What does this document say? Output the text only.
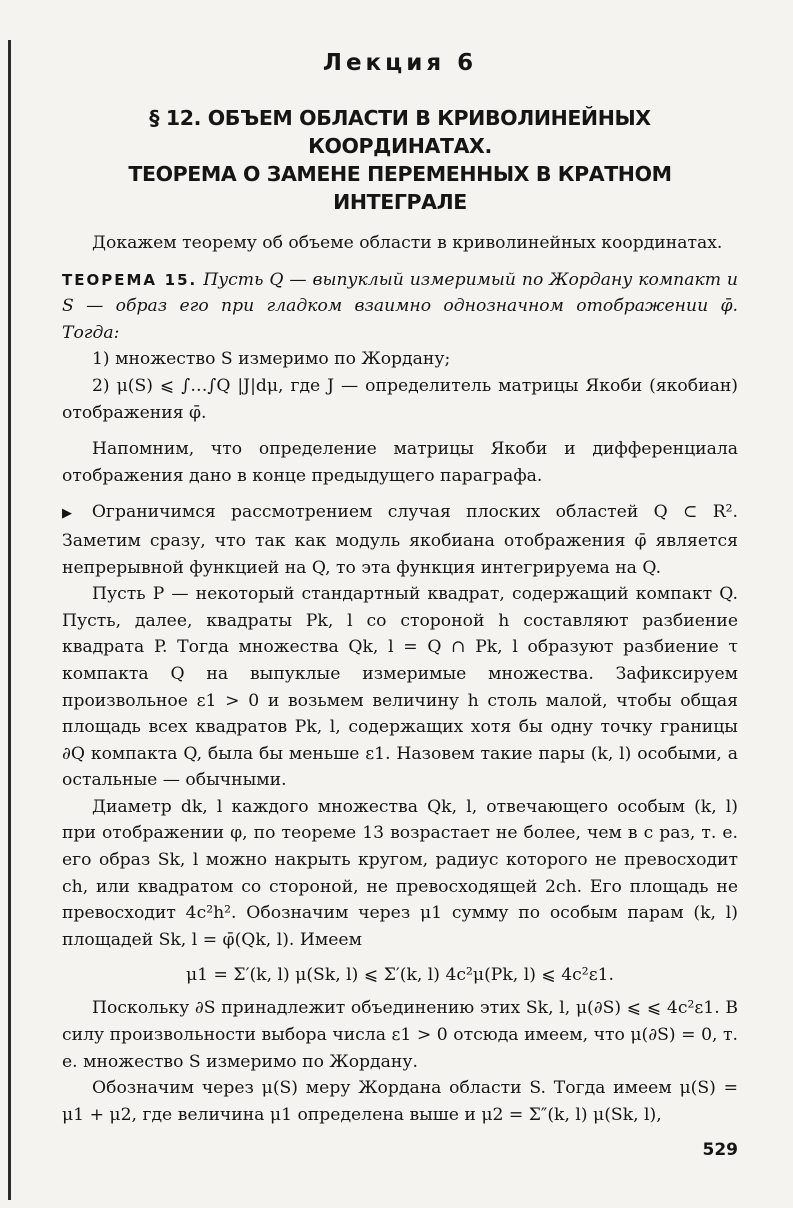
Лекция 6
§ 12. ОБЪЕМ ОБЛАСТИ В КРИВОЛИНЕЙНЫХ КООРДИНАТАХ.
ТЕОРЕМА О ЗАМЕНЕ ПЕРЕМЕННЫХ В КРАТНОМ ИНТЕГРАЛЕ

Докажем теорему об объеме области в криволинейных координатах.

ТЕОРЕМА 15. Пусть Q — выпуклый измеримый по Жордану компакт и S — образ его при гладком взаимно однозначном отображении φ̄. Тогда:

1) множество S измеримо по Жордану;

2) μ(S) ⩽ ∫…∫Q |J|dμ, где J — определитель матрицы Якоби (якобиан) отображения φ̄.

Напомним, что определение матрицы Якоби и дифференциала отображения дано в конце предыдущего параграфа.

▶ Ограничимся рассмотрением случая плоских областей Q ⊂ R². Заметим сразу, что так как модуль якобиана отображения φ̄ является непрерывной функцией на Q, то эта функция интегрируема на Q.

Пусть P — некоторый стандартный квадрат, содержащий компакт Q. Пусть, далее, квадраты Pk, l со стороной h составляют разбиение квадрата P. Тогда множества Qk, l = Q ∩ Pk, l образуют разбиение τ компакта Q на выпуклые измеримые множества. Зафиксируем произвольное ε1 > 0 и возьмем величину h столь малой, чтобы общая площадь всех квадратов Pk, l, содержащих хотя бы одну точку границы ∂Q компакта Q, была бы меньше ε1. Назовем такие пары (k, l) особыми, а остальные — обычными.

Диаметр dk, l каждого множества Qk, l, отвечающего особым (k, l) при отображении φ, по теореме 13 возрастает не более, чем в c раз, т. е. его образ Sk, l можно накрыть кругом, радиус которого не превосходит ch, или квадратом со стороной, не превосходящей 2ch. Его площадь не превосходит 4c²h². Обозначим через μ1 сумму по особым парам (k, l) площадей Sk, l = φ̄(Qk, l). Имеем

μ1 = Σ′(k, l) μ(Sk, l) ⩽ Σ′(k, l) 4c²μ(Pk, l) ⩽ 4c²ε1.

Поскольку ∂S принадлежит объединению этих Sk, l, μ(∂S) ⩽ ⩽ 4c²ε1. В силу произвольности выбора числа ε1 > 0 отсюда имеем, что μ(∂S) = 0, т. е. множество S измеримо по Жордану.

Обозначим через μ(S) меру Жордана области S. Тогда имеем μ(S) = μ1 + μ2, где величина μ1 определена выше и μ2 = Σ″(k, l) μ(Sk, l),

529
